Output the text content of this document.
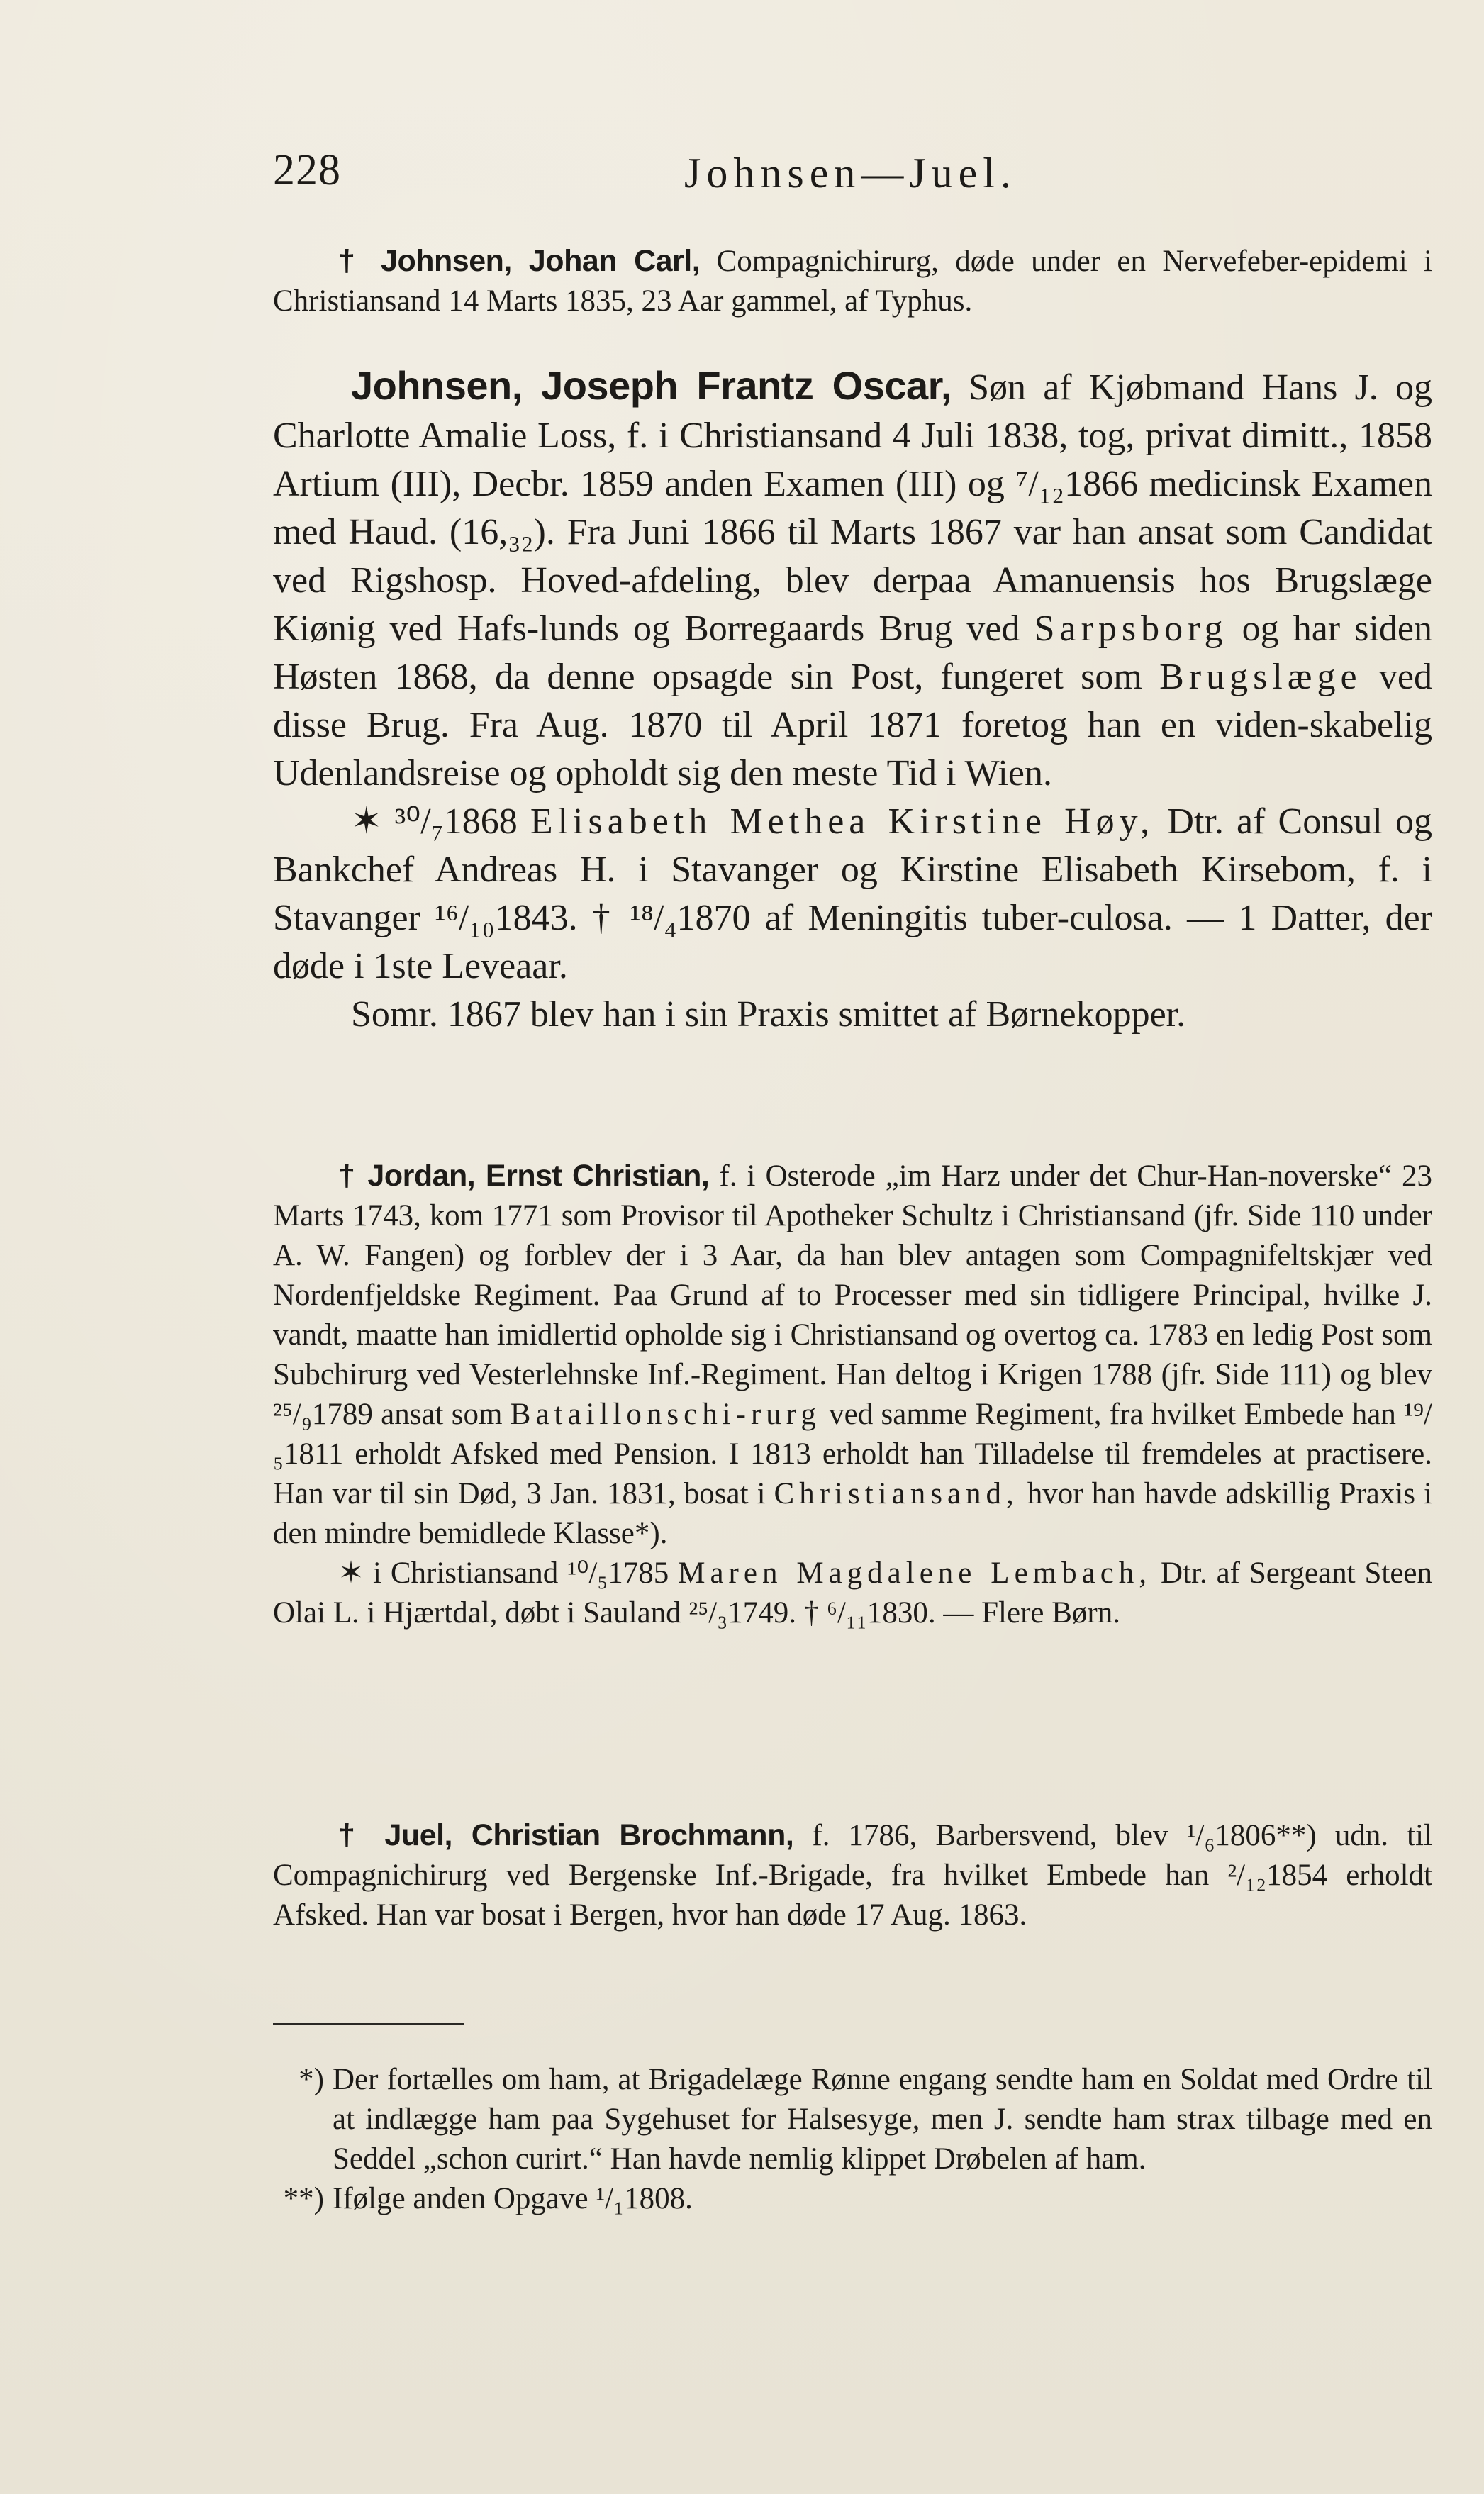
228	Johnsen—Juel.

† Johnsen, Johan Carl, Compagnichirurg, døde under en Nervefeber-epidemi i Christiansand 14 Marts 1835, 23 Aar gammel, af Typhus.

Johnsen, Joseph Frantz Oscar, Søn af Kjøbmand Hans J. og Charlotte Amalie Loss, f. i Christiansand 4 Juli 1838, tog, privat dimitt., 1858 Artium (III), Decbr. 1859 anden Examen (III) og ⁷/₁₂1866 medicinsk Examen med Haud. (16,₃₂). Fra Juni 1866 til Marts 1867 var han ansat som Candidat ved Rigshosp. Hoved-afdeling, blev derpaa Amanuensis hos Brugslæge Kiønig ved Hafs-lunds og Borregaards Brug ved Sarpsborg og har siden Høsten 1868, da denne opsagde sin Post, fungeret som Brugslæge ved disse Brug. Fra Aug. 1870 til April 1871 foretog han en viden-skabelig Udenlandsreise og opholdt sig den meste Tid i Wien.

✶ ³⁰/₇1868 Elisabeth Methea Kirstine Høy, Dtr. af Consul og Bankchef Andreas H. i Stavanger og Kirstine Elisabeth Kirsebom, f. i Stavanger ¹⁶/₁₀1843. † ¹⁸/₄1870 af Meningitis tuber-culosa. — 1 Datter, der døde i 1ste Leveaar.

Somr. 1867 blev han i sin Praxis smittet af Børnekopper.

† Jordan, Ernst Christian, f. i Osterode „im Harz under det Chur-Han-noverske“ 23 Marts 1743, kom 1771 som Provisor til Apotheker Schultz i Christiansand (jfr. Side 110 under A. W. Fangen) og forblev der i 3 Aar, da han blev antagen som Compagnifeltskjær ved Nordenfjeldske Regiment. Paa Grund af to Processer med sin tidligere Principal, hvilke J. vandt, maatte han imidlertid opholde sig i Christiansand og overtog ca. 1783 en ledig Post som Subchirurg ved Vesterlehnske Inf.-Regiment. Han deltog i Krigen 1788 (jfr. Side 111) og blev ²⁵/₉1789 ansat som Bataillonschi-rurg ved samme Regiment, fra hvilket Embede han ¹⁹/₅1811 erholdt Afsked med Pension. I 1813 erholdt han Tilladelse til fremdeles at practisere. Han var til sin Død, 3 Jan. 1831, bosat i Christiansand, hvor han havde adskillig Praxis i den mindre bemidlede Klasse*).

✶ i Christiansand ¹⁰/₅1785 Maren Magdalene Lembach, Dtr. af Sergeant Steen Olai L. i Hjærtdal, døbt i Sauland ²⁵/₃1749. † ⁶/₁₁1830. — Flere Børn.

† Juel, Christian Brochmann, f. 1786, Barbersvend, blev ¹/₆1806**) udn. til Compagnichirurg ved Bergenske Inf.-Brigade, fra hvilket Embede han ²/₁₂1854 erholdt Afsked. Han var bosat i Bergen, hvor han døde 17 Aug. 1863.

*) Der fortælles om ham, at Brigadelæge Rønne engang sendte ham en Soldat med Ordre til at indlægge ham paa Sygehuset for Halsesyge, men J. sendte ham strax tilbage med en Seddel „schon curirt.“ Han havde nemlig klippet Drøbelen af ham.
**) Ifølge anden Opgave ¹/₁1808.
